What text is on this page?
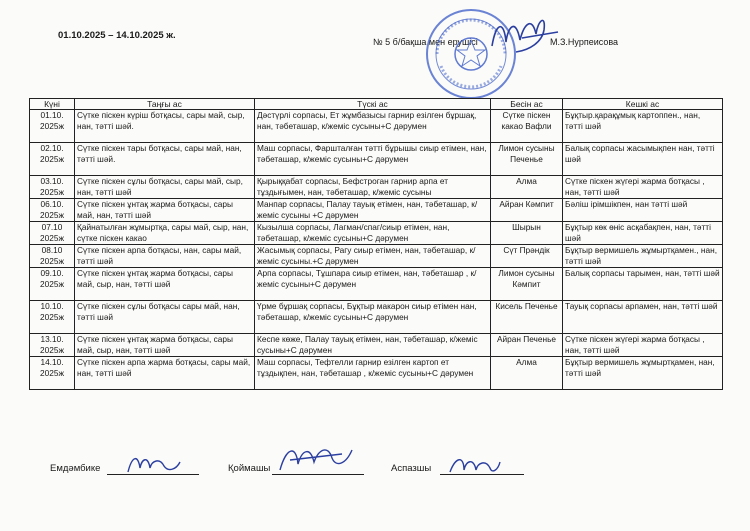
01.10.2025 – 14.10.2025 ж.
№ 5 б/бақша мен ерушісі	М.З.Нурпеисова
Күні	Таңғы ас	Түскі ас	Бесін ас	Кешкі ас
01.10. 2025ж	Сүтке піскен күріш ботқасы, сары май, сыр, нан, тәтті шәй.	Дәстүрлі сорпасы, Ет жұмбазысы гарнир езілген бұршақ, нан, тәбеташар, к/жеміс сусыны+С дәрумен	Сүтке піскен какао Вафли	Бұқтыр.қарақұмық картоппен., нан, тәтті шәй
02.10. 2025ж	Сүтке піскен тары ботқасы, сары май, нан, тәтті шәй.	Маш сорпасы, Фаршталған тәтті бұрышы сиыр етімен, нан, тәбеташар, к/жеміс сусыны+С дәрумен	Лимон сусыны Печенье	Балық сорпасы жасымықпен нан, тәтті шәй
03.10. 2025ж	Сүтке піскен сұлы ботқасы, сары май, сыр, нан, тәтті шәй	Қырыққабат сорпасы, Бефстроган гарнир арпа ет тұздығымен, нан, тәбеташар, к/жеміс сусыны	Алма	Сүтке піскен жүгері жарма ботқасы , нан, тәтті шәй
06.10. 2025ж	Сүтке піскен ұнтақ жарма ботқасы, сары май, нан, тәтті шәй	Манпар сорпасы, Палау тауық етімен, нан, тәбеташар, к/жеміс сусыны +С дәрумен	Айран Кәмпит	Бәліш ірімшікпен, нан тәтті шәй
07.10 2025ж	Қайнатылған жұмыртқа, сары май, сыр, нан, сүтке піскен какао	Кызылша сорпасы, Лагман/спаг/сиыр етімен, нан, тәбеташар, к/жеміс сусыны+С дәрумен	Шырын	Бұқтыр көк өніс асқабақпен, нан, тәтті шәй
08.10 2025ж	Сүтке піскен арпа ботқасы, нан, сары май, тәтті шәй	Жасымық сорпасы, Рагу сиыр етімен, нан, тәбеташар, к/жеміс сусыны.+С дәрумен	Сүт Прәндік	Бұқтыр вермишель жұмыртқамен., нан, тәтті шәй
09.10. 2025ж	Сүтке піскен ұнтақ жарма ботқасы, сары май, сыр, нан, тәтті шәй	Арпа сорпасы, Тұшпара сиыр етімен, нан, тәбеташар , к/жеміс сусыны+С дәрумен	Лимон сусыны Кәмпит	Балық сорпасы тарымен, нан, тәтті шәй
10.10. 2025ж	Сүтке піскен сұлы ботқасы сары май, нан, тәтті шәй	Үрме бұршақ сорпасы, Бұқтыр макарон сиыр етімен нан, тәбеташар, к/жеміс сусыны+С дәрумен	Кисель Печенье	Тауық сорпасы арпамен, нан, тәтті шәй
13.10. 2025ж	Сүтке піскен ұнтақ жарма ботқасы, сары май, сыр, нан, тәтті шәй	Кеспе көже, Палау тауық етімен, нан, тәбеташар, к/жеміс сусыны+С дәрумен	Айран Печенье	Сүтке піскен жүгері жарма ботқасы , нан, тәтті шәй
14.10. 2025ж	Сүтке піскен арпа жарма ботқасы, сары май, нан, тәтті шәй	Маш сорпасы, Тефтелли гарнир езілген картоп ет тұздықпен, нан, тәбеташар , к/жеміс сусыны+С дәрумен	Алма	Бұқтыр вермишель жұмыртқамен, нан, тәтті шәй
Емдәмбике	Қоймашы	Аспазшы
